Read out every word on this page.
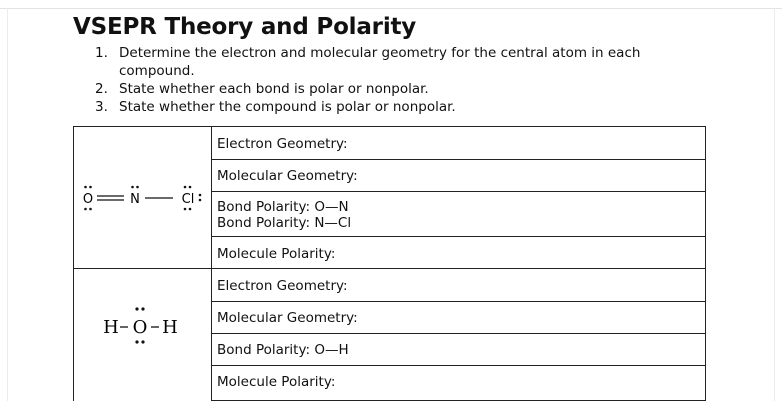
VSEPR Theory and Polarity
1. Determine the electron and molecular geometry for the central atom in each compound.
2. State whether each bond is polar or nonpolar.
3. State whether the compound is polar or nonpolar.
O	N	Cl
Electron Geometry:
Molecular Geometry:
Bond Polarity: O—N
Bond Polarity: N—Cl
Molecule Polarity:
H O H
Electron Geometry:
Molecular Geometry:
Bond Polarity: O—H
Molecule Polarity:
